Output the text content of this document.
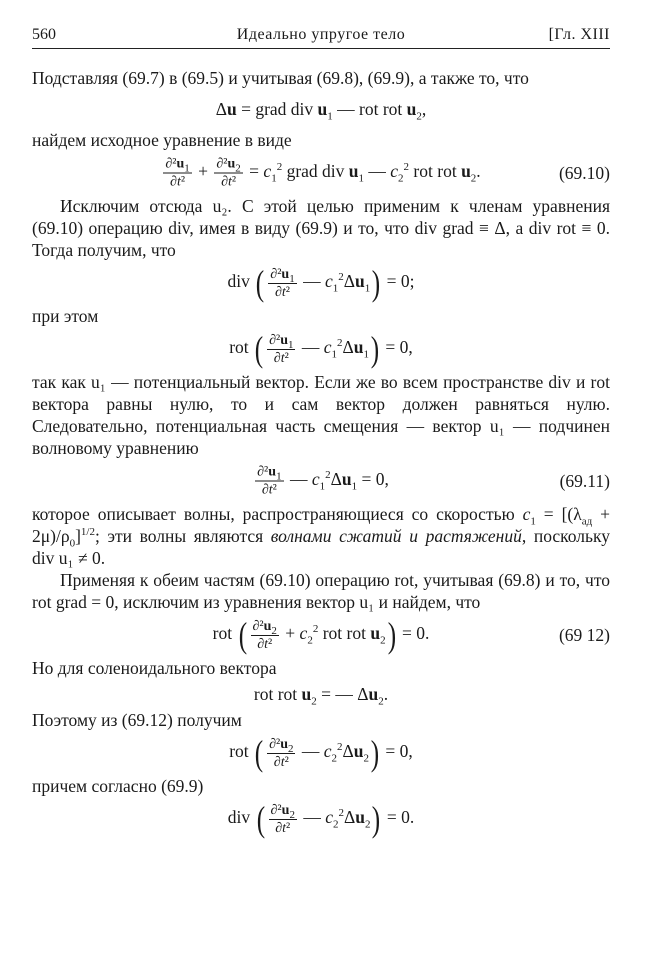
560	Идеально упругое тело	[Гл. XIII

Подставляя (69.7) в (69.5) и учитывая (69.8), (69.9), а также то, что

Δu = grad div $u_1$ — rot rot $u_2$,

найдем исходное уравнение в виде

$\frac{\partial^2u_1}{\text{∂t²}} + \frac{\partial^2u_2}{\text{∂t²}} = c_1^2$ grad div $u_1$ — $c_2^2$ rot rot $u_2$.	(69.10)

Исключим отсюда u₂. С этой целью применим к членам уравнения (69.10) операцию div, имея в виду (69.9) и то, что div grad ≡ Δ, a div rot ≡ 0. Тогда получим, что

div ( $\frac{\partial^2u_1}{\text{∂t²}}$ — $c_1^2\Delta u_1) = 0$;

при этом

rot ( $\frac{\partial^2u_1}{\text{∂t²}}$ — $c_1^2\Delta u_1) = 0$,

так как u₁ — потенциальный вектор. Если же во всем пространстве div и rot вектора равны нулю, то и сам вектор должен равняться нулю. Следовательно, потенциальная часть смещения — вектор u₁ — подчинен волновому уравнению

$\frac{\partial^2u_1}{\text{∂t²}}$ — $c_1^2\Delta u_1 = 0$,	(69.11)

которое описывает волны, распространяющиеся со скоростью $c_1 = [(\lambda_{ад} + 2\mu)/\rho_0]^{1/2}$; эти волны являются волнами сжатий и растяжений, поскольку div u₁ ≠ 0.

Применяя к обеим частям (69.10) операцию rot, учитывая (69.8) и то, что rot grad = 0, исключим из уравнения вектор u₁ и найдем, что

rot ( $\frac{\partial^2u_2}{\text{∂t²}} + c_2^2$ rot rot $u_2) = 0$.	(69 12)

Но для соленоидального вектора

rot rot $u_2$ = — $\Delta u_2$.

Поэтому из (69.12) получим

rot ( $\frac{\partial^2u_2}{\text{∂t²}}$ — $c_2^2\Delta u_2) = 0$,

причем согласно (69.9)

div ( $\frac{\partial^2u_2}{\text{∂t²}}$ — $c_2^2\Delta u_2) = 0$.
